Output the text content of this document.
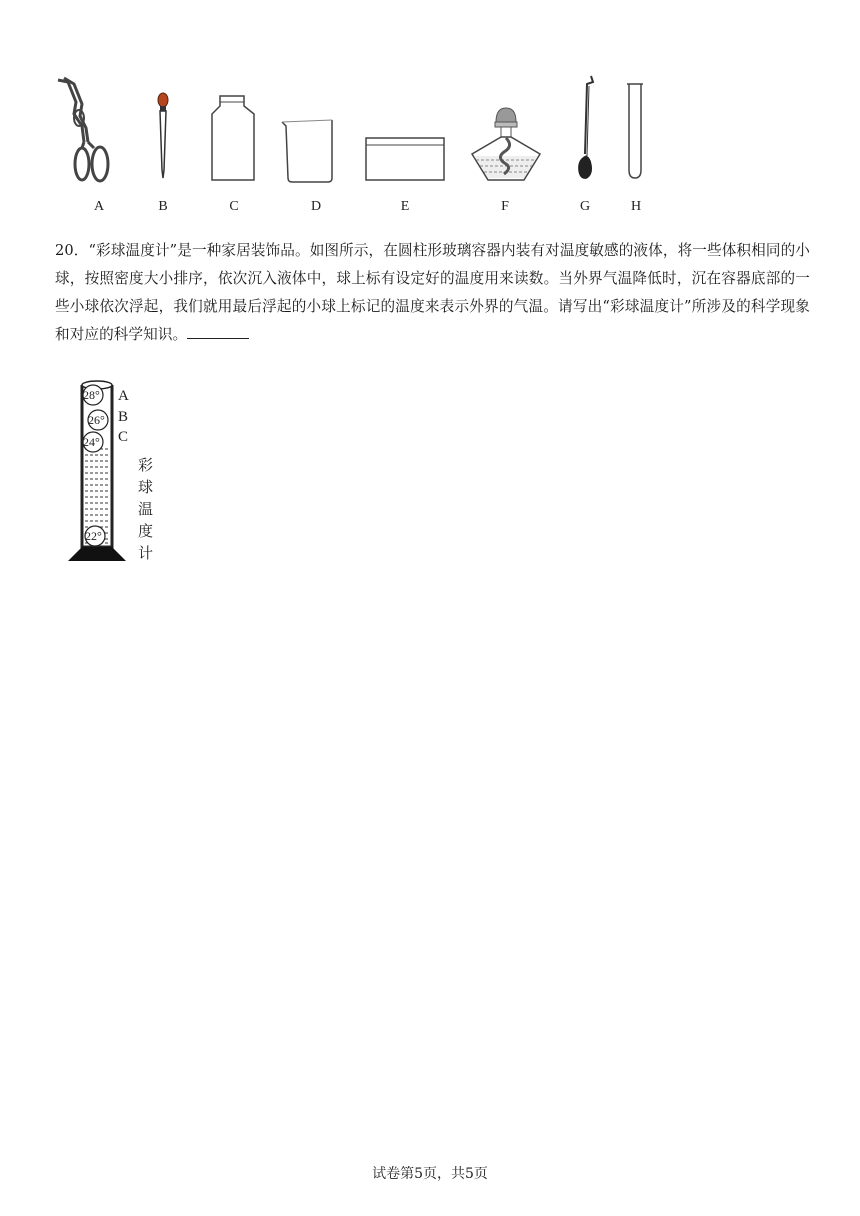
A	B	C	D	E	F	G	H
20．“彩球温度计”是一种家居装饰品。如图所示，在圆柱形玻璃容器内装有对温度敏感的液体，将一些体积相同的小球，按照密度大小排序，依次沉入液体中，球上标有设定好的温度用来读数。当外界气温降低时，沉在容器底部的一些小球依次浮起，我们就用最后浮起的小球上标记的温度来表示外界的气温。请写出“彩球温度计”所涉及的科学现象和对应的科学知识。
28°
26°
24°
22°
A
B
C
彩
球
温
度
计
试卷第5页，共5页
